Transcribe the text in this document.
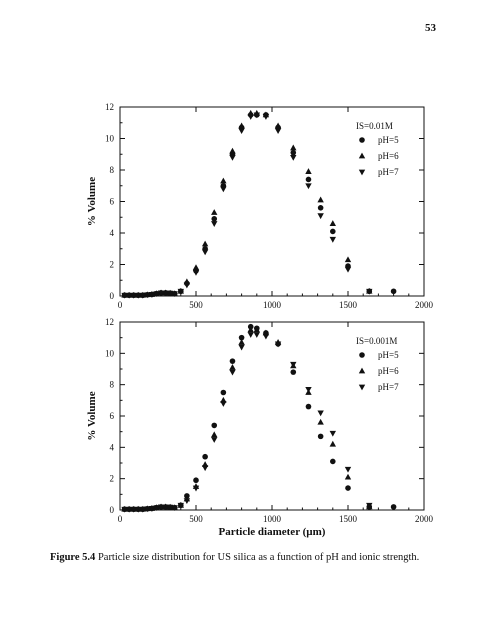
53
0	500	1000	1500	2000
0
2
4
6
8
10
12
% Volume
IS=0.01M
pH=5
pH=6
pH=7
0	500	1000	1500	2000
0
2
4
6
8
10
12
% Volume
Particle diameter (µm)
IS=0.001M
pH=5
pH=6
pH=7
Figure 5.4 Particle size distribution for US silica as a function of pH and ionic strength.
